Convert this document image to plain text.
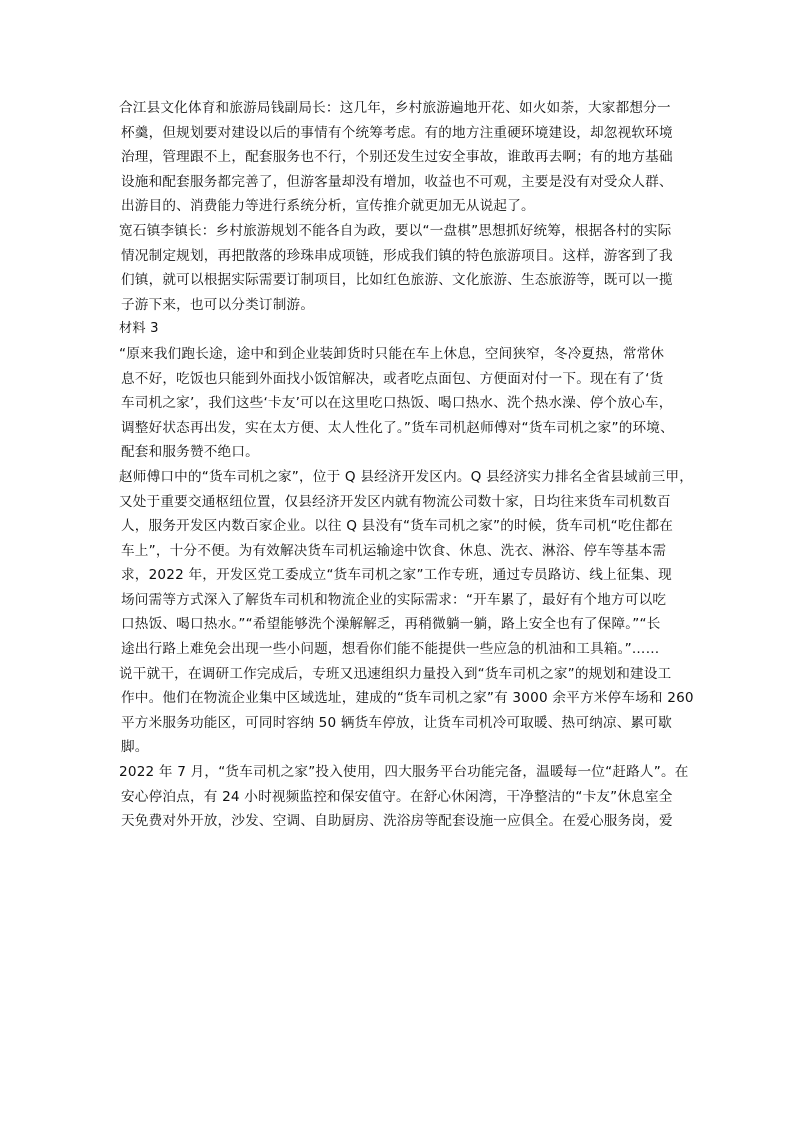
合江县文化体育和旅游局钱副局长：这几年，乡村旅游遍地开花、如火如荼，大家都想分一
杯羹，但规划要对建设以后的事情有个统筹考虑。有的地方注重硬环境建设，却忽视软环境
治理，管理跟不上，配套服务也不行，个别还发生过安全事故，谁敢再去啊；有的地方基础
设施和配套服务都完善了，但游客量却没有增加，收益也不可观，主要是没有对受众人群、
出游目的、消费能力等进行系统分析，宣传推介就更加无从说起了。
宽石镇李镇长：乡村旅游规划不能各自为政，要以“一盘棋”思想抓好统筹，根据各村的实际
情况制定规划，再把散落的珍珠串成项链，形成我们镇的特色旅游项目。这样，游客到了我
们镇，就可以根据实际需要订制项目，比如红色旅游、文化旅游、生态旅游等，既可以一揽
子游下来，也可以分类订制游。
材料 3
“原来我们跑长途，途中和到企业装卸货时只能在车上休息，空间狭窄，冬冷夏热，常常休
息不好，吃饭也只能到外面找小饭馆解决，或者吃点面包、方便面对付一下。现在有了‘货
车司机之家’，我们这些‘卡友’可以在这里吃口热饭、喝口热水、洗个热水澡、停个放心车，
调整好状态再出发，实在太方便、太人性化了。”货车司机赵师傅对“货车司机之家”的环境、
配套和服务赞不绝口。
赵师傅口中的“货车司机之家”，位于 Q 县经济开发区内。Q 县经济实力排名全省县域前三甲，
又处于重要交通枢纽位置，仅县经济开发区内就有物流公司数十家，日均往来货车司机数百
人，服务开发区内数百家企业。以往 Q 县没有“货车司机之家”的时候，货车司机“吃住都在
车上”，十分不便。为有效解决货车司机运输途中饮食、休息、洗衣、淋浴、停车等基本需
求，2022 年，开发区党工委成立“货车司机之家”工作专班，通过专员路访、线上征集、现
场问需等方式深入了解货车司机和物流企业的实际需求：“开车累了，最好有个地方可以吃
口热饭、喝口热水。”“希望能够洗个澡解解乏，再稍微躺一躺，路上安全也有了保障。”“长
途出行路上难免会出现一些小问题，想看你们能不能提供一些应急的机油和工具箱。”……
说干就干，在调研工作完成后，专班又迅速组织力量投入到“货车司机之家”的规划和建设工
作中。他们在物流企业集中区域选址，建成的“货车司机之家”有 3000 余平方米停车场和 260
平方米服务功能区，可同时容纳 50 辆货车停放，让货车司机冷可取暖、热可纳凉、累可歇
脚。
2022 年 7 月，“货车司机之家”投入使用，四大服务平台功能完备，温暖每一位“赶路人”。在
安心停泊点，有 24 小时视频监控和保安值守。在舒心休闲湾，干净整洁的“卡友”休息室全
天免费对外开放，沙发、空调、自助厨房、洗浴房等配套设施一应俱全。在爱心服务岗，爱
